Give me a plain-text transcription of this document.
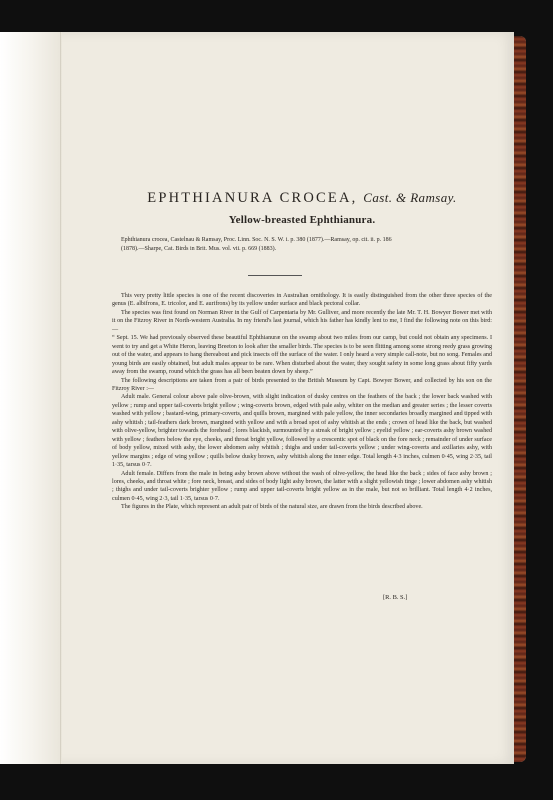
EPHTHIANURA CROCEA, Cast. & Ramsay.
Yellow-breasted Ephthianura.

Ephthianura crocea, Castelnau & Ramsay, Proc. Linn. Soc. N. S. W. i. p. 380 (1877).—Ramsay, op. cit. ii. p. 186

(1878).—Sharpe, Cat. Birds in Brit. Mus. vol. vii. p. 669 (1883).

This very pretty little species is one of the recent discoveries in Australian ornithology. It is easily distinguished from the other three species of the genus (E. albifrons, E. tricolor, and E. aurifrons) by its yellow under surface and black pectoral collar.

The species was first found on Norman River in the Gulf of Carpentaria by Mr. Gulliver, and more recently the late Mr. T. H. Bowyer Bower met with it on the Fitzroy River in North-western Australia. In my friend's last journal, which his father has kindly lent to me, I find the following note on this bird:—

“ Sept. 15. We had previously observed these beautiful Ephthianuræ on the swamp about two miles from our camp, but could not obtain any specimens. I went to try and get a White Heron, leaving Breeton to look after the smaller birds. The species is to be seen flitting among some strong reedy grass growing out of the water, and appears to hang thereabout and pick insects off the surface of the water. I only heard a very simple call-note, but no song. Females and young birds are easily obtained, but adult males appear to be rare. When disturbed about the water, they sought safety in some long grass about fifty yards away from the swamp, round which the grass has all been beaten down by sheep.”

The following descriptions are taken from a pair of birds presented to the British Museum by Capt. Bowyer Bower, and collected by his son on the Fitzroy River :—

Adult male. General colour above pale olive-brown, with slight indication of dusky centres on the feathers of the back ; the lower back washed with yellow ; rump and upper tail-coverts bright yellow ; wing-coverts brown, edged with pale ashy, whiter on the median and greater series ; the lesser coverts washed with yellow ; bastard-wing, primary-coverts, and quills brown, margined with pale yellow, the inner secondaries broadly margined and tipped with ashy whitish ; tail-feathers dark brown, margined with yellow and with a broad spot of ashy whitish at the ends ; crown of head like the back, but washed with olive-yellow, brighter towards the forehead ; lores blackish, surmounted by a streak of bright yellow ; eyelid yellow ; ear-coverts ashy brown washed with yellow ; feathers below the eye, cheeks, and throat bright yellow, followed by a crescentic spot of black on the fore neck ; remainder of under surface of body yellow, mixed with ashy, the lower abdomen ashy whitish ; thighs and under tail-coverts yellow ; under wing-coverts and axillaries ashy, with yellow margins ; edge of wing yellow ; quills below dusky brown, ashy whitish along the inner edge. Total length 4·3 inches, culmen 0·45, wing 2·35, tail 1·35, tarsus 0·7.

Adult female. Differs from the male in being ashy brown above without the wash of olive-yellow, the head like the back ; sides of face ashy brown ; lores, cheeks, and throat white ; fore neck, breast, and sides of body light ashy brown, the latter with a slight yellowish tinge ; lower abdomen ashy whitish ; thighs and under tail-coverts brighter yellow ; rump and upper tail-coverts bright yellow as in the male, but not so brilliant. Total length 4·2 inches, culmen 0·45, wing 2·3, tail 1·35, tarsus 0·7.

The figures in the Plate, which represent an adult pair of birds of the natural size, are drawn from the birds described above.

[R. B. S.]
